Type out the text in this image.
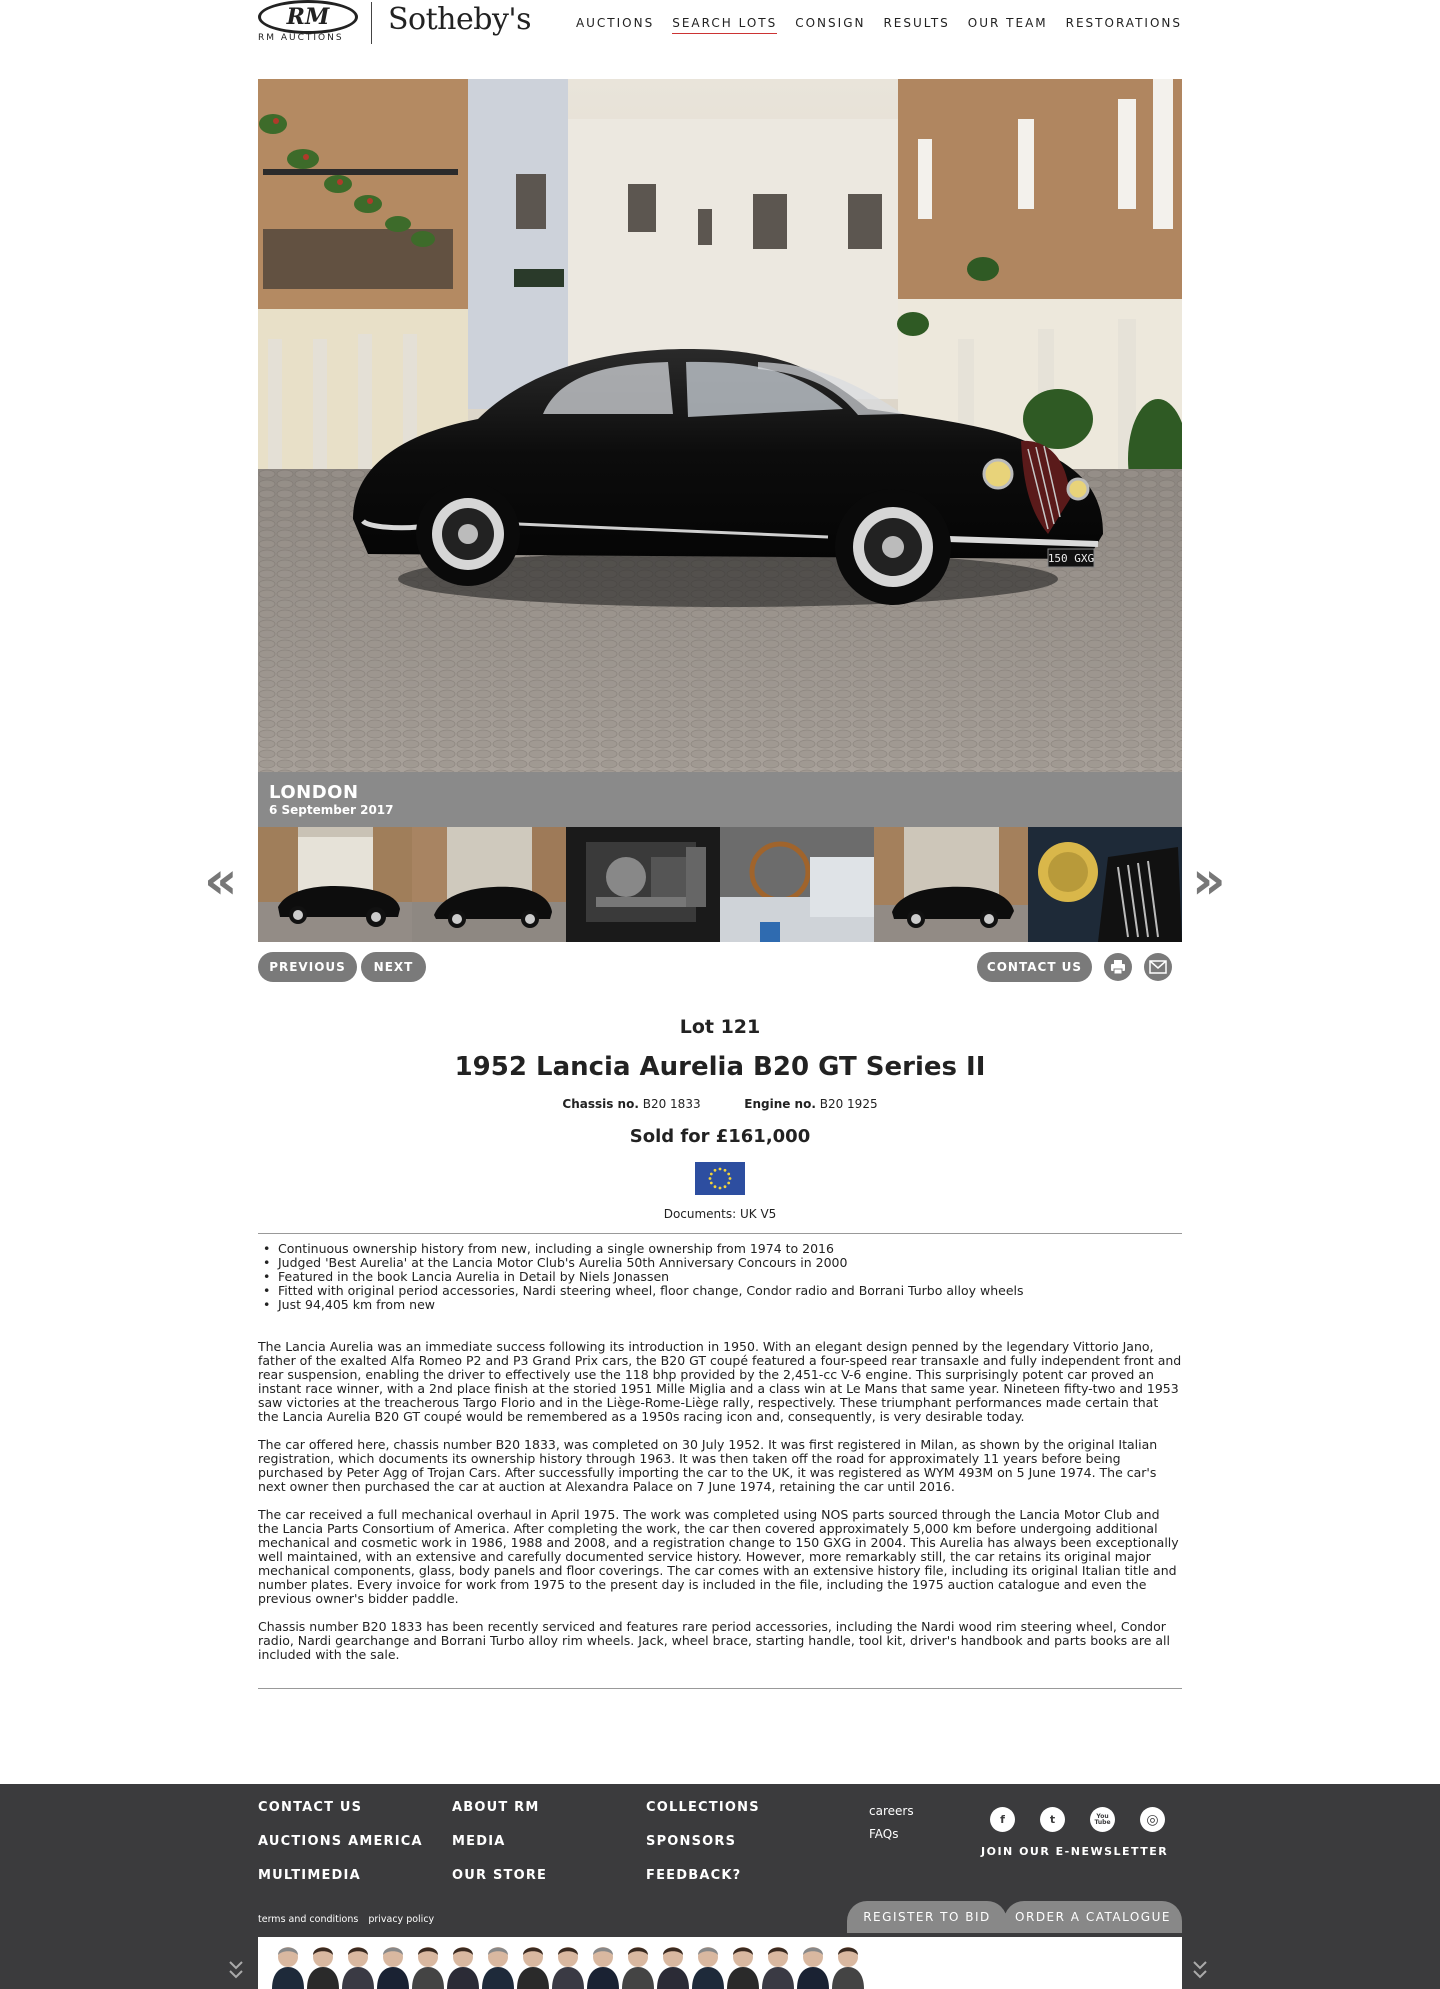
RM
RM AUCTIONS
Sotheby's	AUCTIONS SEARCH LOTS CONSIGN RESULTS OUR TEAM RESTORATIONS
150 GXG
LONDON
6 September 2017
«	»
PREVIOUS	NEXT	CONTACT US
Lot 121
1952 Lancia Aurelia B20 GT Series II
Chassis no. B20 1833	Engine no. B20 1925
Sold for £161,000
Documents: UK V5
• Continuous ownership history from new, including a single ownership from 1974 to 2016
• Judged 'Best Aurelia' at the Lancia Motor Club's Aurelia 50th Anniversary Concours in 2000
• Featured in the book Lancia Aurelia in Detail by Niels Jonassen
• Fitted with original period accessories, Nardi steering wheel, floor change, Condor radio and Borrani Turbo alloy wheels
• Just 94,405 km from new

The Lancia Aurelia was an immediate success following its introduction in 1950. With an elegant design penned by the legendary Vittorio Jano, father of the exalted Alfa Romeo P2 and P3 Grand Prix cars, the B20 GT coupé featured a four-speed rear transaxle and fully independent front and rear suspension, enabling the driver to effectively use the 118 bhp provided by the 2,451-cc V-6 engine. This surprisingly potent car proved an instant race winner, with a 2nd place finish at the storied 1951 Mille Miglia and a class win at Le Mans that same year. Nineteen fifty-two and 1953 saw victories at the treacherous Targo Florio and in the Liège-Rome-Liège rally, respectively. These triumphant performances made certain that the Lancia Aurelia B20 GT coupé would be remembered as a 1950s racing icon and, consequently, is very desirable today.

The car offered here, chassis number B20 1833, was completed on 30 July 1952. It was first registered in Milan, as shown by the original Italian registration, which documents its ownership history through 1963. It was then taken off the road for approximately 11 years before being purchased by Peter Agg of Trojan Cars. After successfully importing the car to the UK, it was registered as WYM 493M on 5 June 1974. The car's next owner then purchased the car at auction at Alexandra Palace on 7 June 1974, retaining the car until 2016.

The car received a full mechanical overhaul in April 1975. The work was completed using NOS parts sourced through the Lancia Motor Club and the Lancia Parts Consortium of America. After completing the work, the car then covered approximately 5,000 km before undergoing additional mechanical and cosmetic work in 1986, 1988 and 2008, and a registration change to 150 GXG in 2004. This Aurelia has always been exceptionally well maintained, with an extensive and carefully documented service history. However, more remarkably still, the car retains its original major mechanical components, glass, body panels and floor coverings. The car comes with an extensive history file, including its original Italian title and number plates. Every invoice for work from 1975 to the present day is included in the file, including the 1975 auction catalogue and even the previous owner's bidder paddle.

Chassis number B20 1833 has been recently serviced and features rare period accessories, including the Nardi wood rim steering wheel, Condor radio, Nardi gearchange and Borrani Turbo alloy rim wheels. Jack, wheel brace, starting handle, tool kit, driver's handbook and parts books are all included with the sale.

CONTACT US
AUCTIONS AMERICA
MULTIMEDIA
ABOUT RM
MEDIA
OUR STORE
COLLECTIONS
SPONSORS
FEEDBACK?
careers
FAQs
f	t	You Tube	◎
JOIN OUR E-NEWSLETTER
terms and conditions privacy policy	REGISTER TO BID	ORDER A CATALOGUE
